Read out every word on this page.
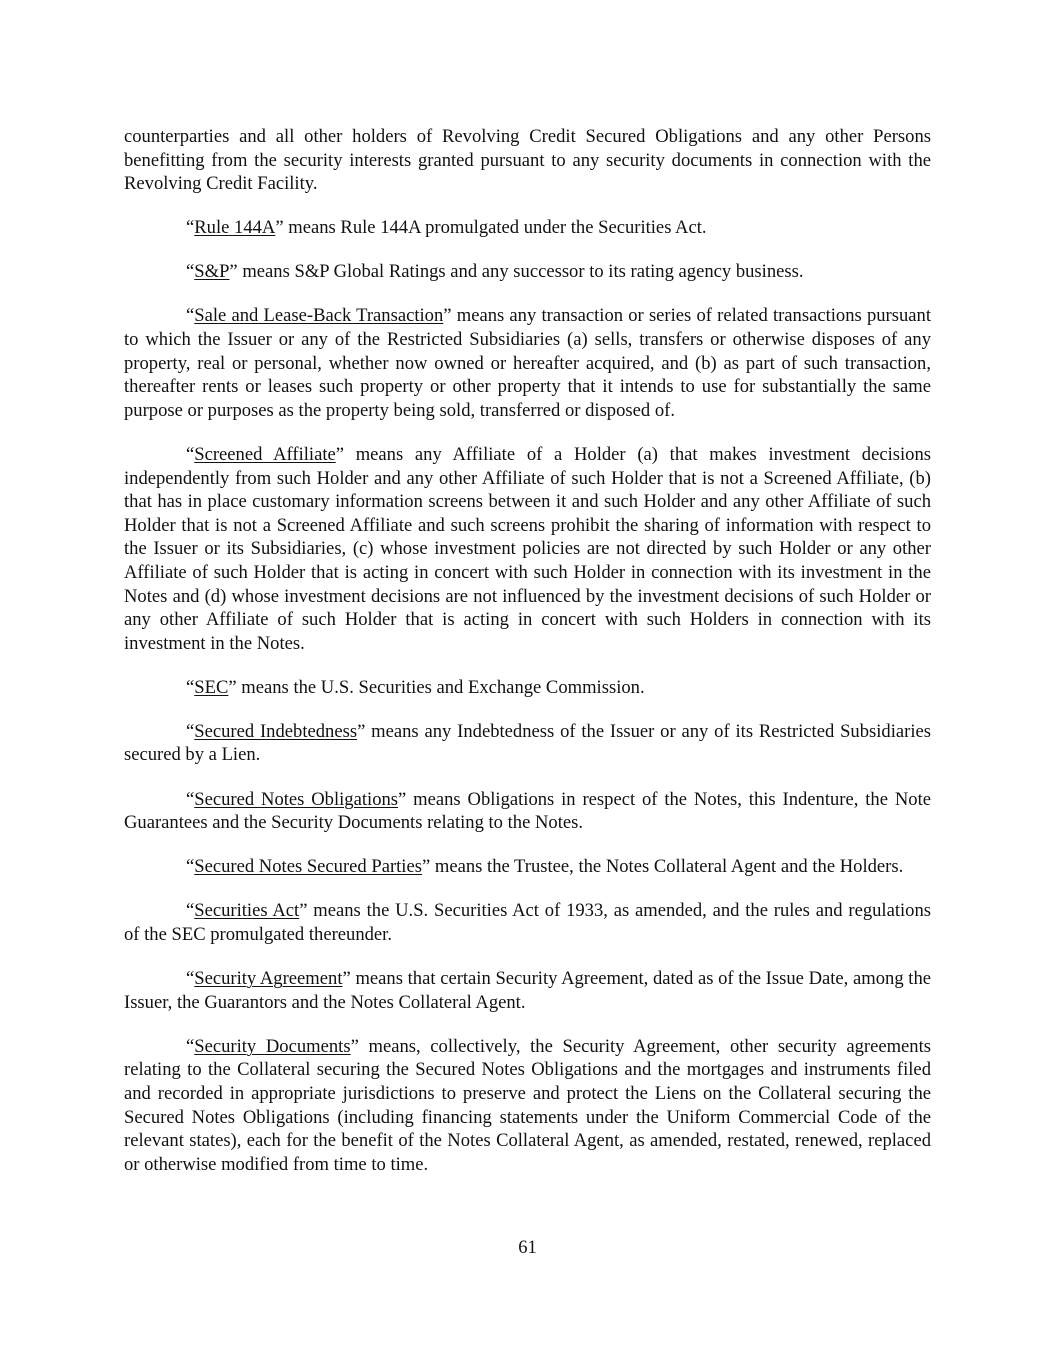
counterparties and all other holders of Revolving Credit Secured Obligations and any other Persons benefitting from the security interests granted pursuant to any security documents in connection with the Revolving Credit Facility.

“Rule 144A” means Rule 144A promulgated under the Securities Act.

“S&P” means S&P Global Ratings and any successor to its rating agency business.

“Sale and Lease-Back Transaction” means any transaction or series of related transactions pursuant to which the Issuer or any of the Restricted Subsidiaries (a) sells, transfers or otherwise disposes of any property, real or personal, whether now owned or hereafter acquired, and (b) as part of such transaction, thereafter rents or leases such property or other property that it intends to use for substantially the same purpose or purposes as the property being sold, transferred or disposed of.

“Screened Affiliate” means any Affiliate of a Holder (a) that makes investment decisions independently from such Holder and any other Affiliate of such Holder that is not a Screened Affiliate, (b) that has in place customary information screens between it and such Holder and any other Affiliate of such Holder that is not a Screened Affiliate and such screens prohibit the sharing of information with respect to the Issuer or its Subsidiaries, (c) whose investment policies are not directed by such Holder or any other Affiliate of such Holder that is acting in concert with such Holder in connection with its investment in the Notes and (d) whose investment decisions are not influenced by the investment decisions of such Holder or any other Affiliate of such Holder that is acting in concert with such Holders in connection with its investment in the Notes.

“SEC” means the U.S. Securities and Exchange Commission.

“Secured Indebtedness” means any Indebtedness of the Issuer or any of its Restricted Subsidiaries secured by a Lien.

“Secured Notes Obligations” means Obligations in respect of the Notes, this Indenture, the Note Guarantees and the Security Documents relating to the Notes.

“Secured Notes Secured Parties” means the Trustee, the Notes Collateral Agent and the Holders.

“Securities Act” means the U.S. Securities Act of 1933, as amended, and the rules and regulations of the SEC promulgated thereunder.

“Security Agreement” means that certain Security Agreement, dated as of the Issue Date, among the Issuer, the Guarantors and the Notes Collateral Agent.

“Security Documents” means, collectively, the Security Agreement, other security agreements relating to the Collateral securing the Secured Notes Obligations and the mortgages and instruments filed and recorded in appropriate jurisdictions to preserve and protect the Liens on the Collateral securing the Secured Notes Obligations (including financing statements under the Uniform Commercial Code of the relevant states), each for the benefit of the Notes Collateral Agent, as amended, restated, renewed, replaced or otherwise modified from time to time.

61
